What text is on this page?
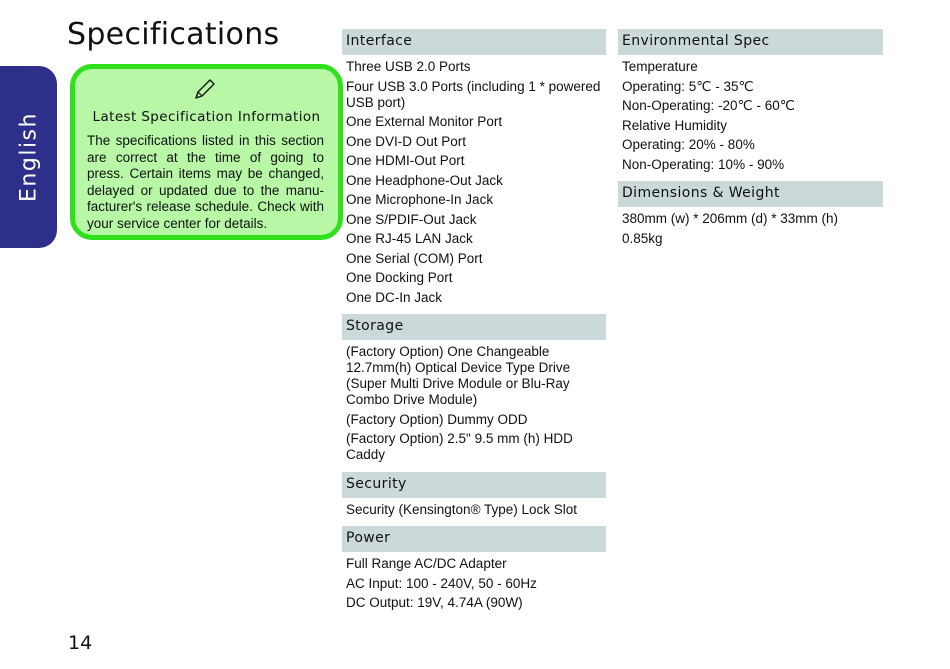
Specifications
English	Latest Specification Information
The specifications listed in this section are correct at the time of going to press. Certain items may be changed, delayed or updated due to the manu-facturer's release schedule. Check with your service center for details.
Interface
Three USB 2.0 Ports
Four USB 3.0 Ports (including 1 * powered USB port)
One External Monitor Port
One DVI-D Out Port
One HDMI-Out Port
One Headphone-Out Jack
One Microphone-In Jack
One S/PDIF-Out Jack
One RJ-45 LAN Jack
One Serial (COM) Port
One Docking Port
One DC-In Jack
Storage
(Factory Option) One Changeable 12.7mm(h) Optical Device Type Drive (Super Multi Drive Module or Blu-Ray Combo Drive Module)
(Factory Option) Dummy ODD
(Factory Option) 2.5" 9.5 mm (h) HDD Caddy
Security
Security (Kensington® Type) Lock Slot
Power
Full Range AC/DC Adapter
AC Input: 100 - 240V, 50 - 60Hz
DC Output: 19V, 4.74A (90W)
Environmental Spec
Temperature
Operating: 5℃ - 35℃
Non-Operating: -20℃ - 60℃
Relative Humidity
Operating: 20% - 80%
Non-Operating: 10% - 90%
Dimensions & Weight
380mm (w) * 206mm (d) * 33mm (h)
0.85kg
14
